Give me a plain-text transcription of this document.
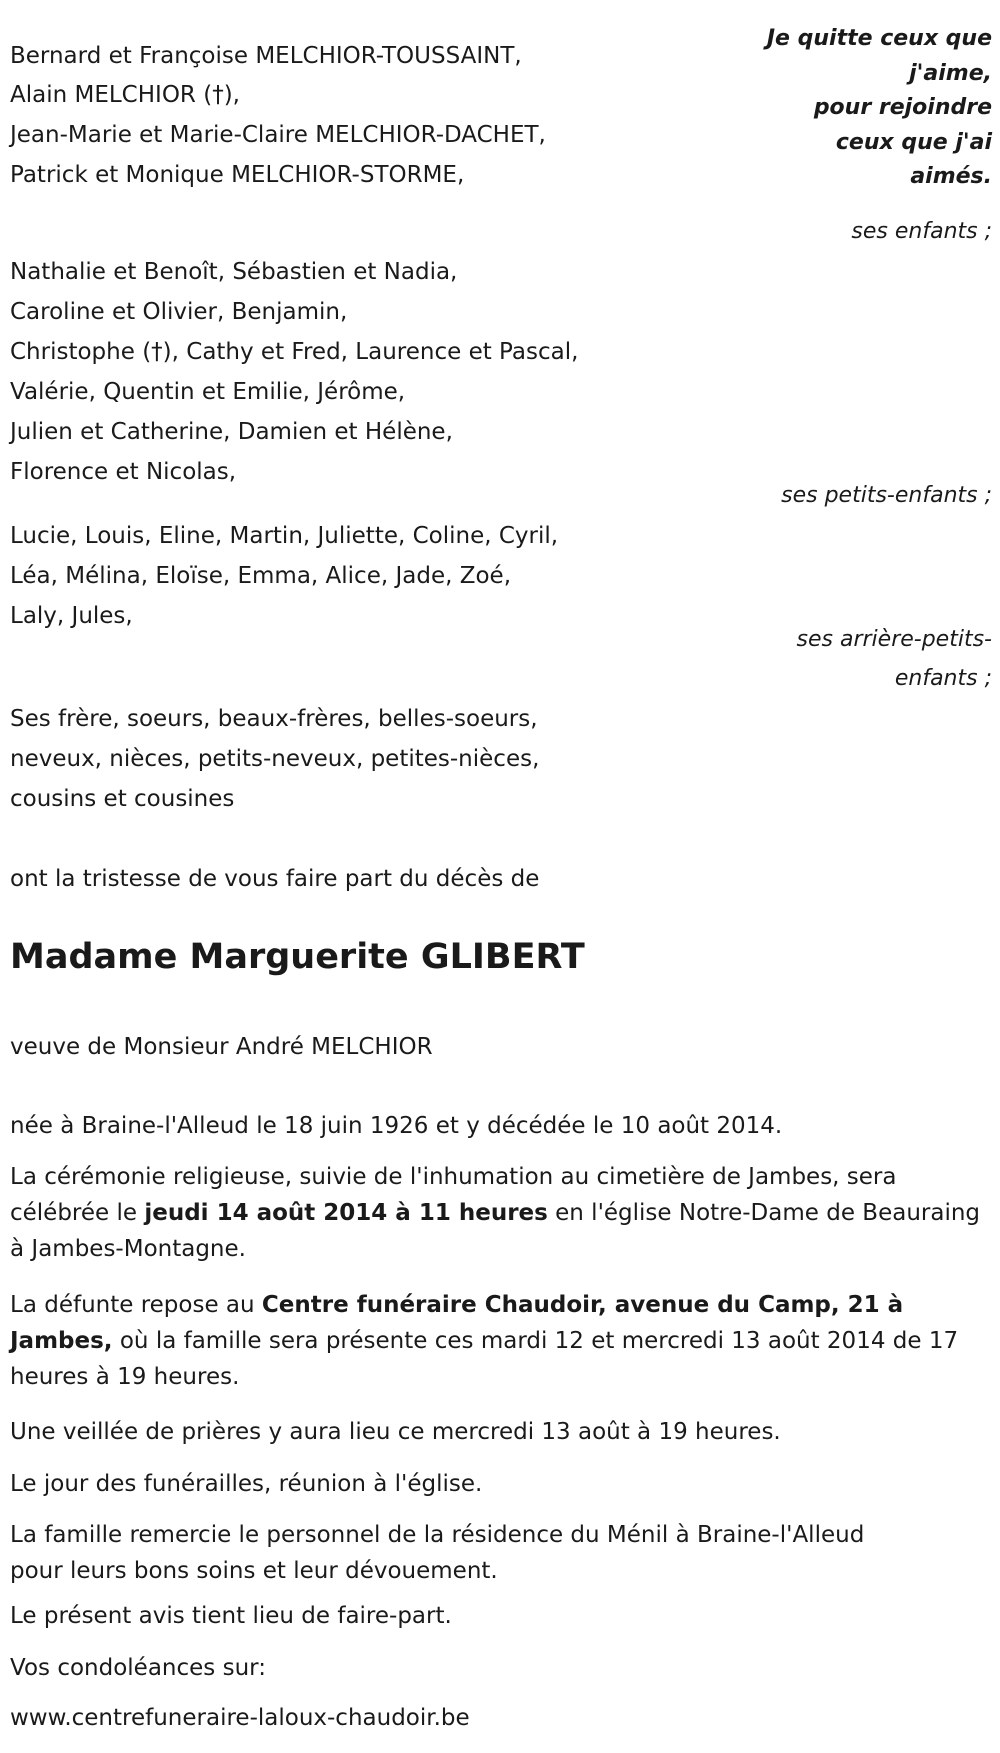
Je quitte ceux que
j'aime,
pour rejoindre
ceux que j'ai
aimés.
Bernard et Françoise MELCHIOR-TOUSSAINT,
Alain MELCHIOR (†),
Jean-Marie et Marie-Claire MELCHIOR-DACHET,
Patrick et Monique MELCHIOR-STORME,
ses enfants ;
Nathalie et Benoît, Sébastien et Nadia,
Caroline et Olivier, Benjamin,
Christophe (†), Cathy et Fred, Laurence et Pascal,
Valérie, Quentin et Emilie, Jérôme,
Julien et Catherine, Damien et Hélène,
Florence et Nicolas,
ses petits-enfants ;
Lucie, Louis, Eline, Martin, Juliette, Coline, Cyril,
Léa, Mélina, Eloïse, Emma, Alice, Jade, Zoé,
Laly, Jules,
ses arrière-petits-
enfants ;
Ses frère, soeurs, beaux-frères, belles-soeurs,
neveux, nièces, petits-neveux, petites-nièces,
cousins et cousines
ont la tristesse de vous faire part du décès de
Madame Marguerite GLIBERT
veuve de Monsieur André MELCHIOR
née à Braine-l'Alleud le 18 juin 1926 et y décédée le 10 août 2014.
La cérémonie religieuse, suivie de l'inhumation au cimetière de Jambes, sera célébrée le jeudi 14 août 2014 à 11 heures en l'église Notre-Dame de Beauraing à Jambes-Montagne.
La défunte repose au Centre funéraire Chaudoir, avenue du Camp, 21 à Jambes, où la famille sera présente ces mardi 12 et mercredi 13 août 2014 de 17 heures à 19 heures.
Une veillée de prières y aura lieu ce mercredi 13 août à 19 heures.
Le jour des funérailles, réunion à l'église.
La famille remercie le personnel de la résidence du Ménil à Braine-l'Alleud pour leurs bons soins et leur dévouement.
Le présent avis tient lieu de faire-part.
Vos condoléances sur:
www.centrefuneraire-laloux-chaudoir.be
